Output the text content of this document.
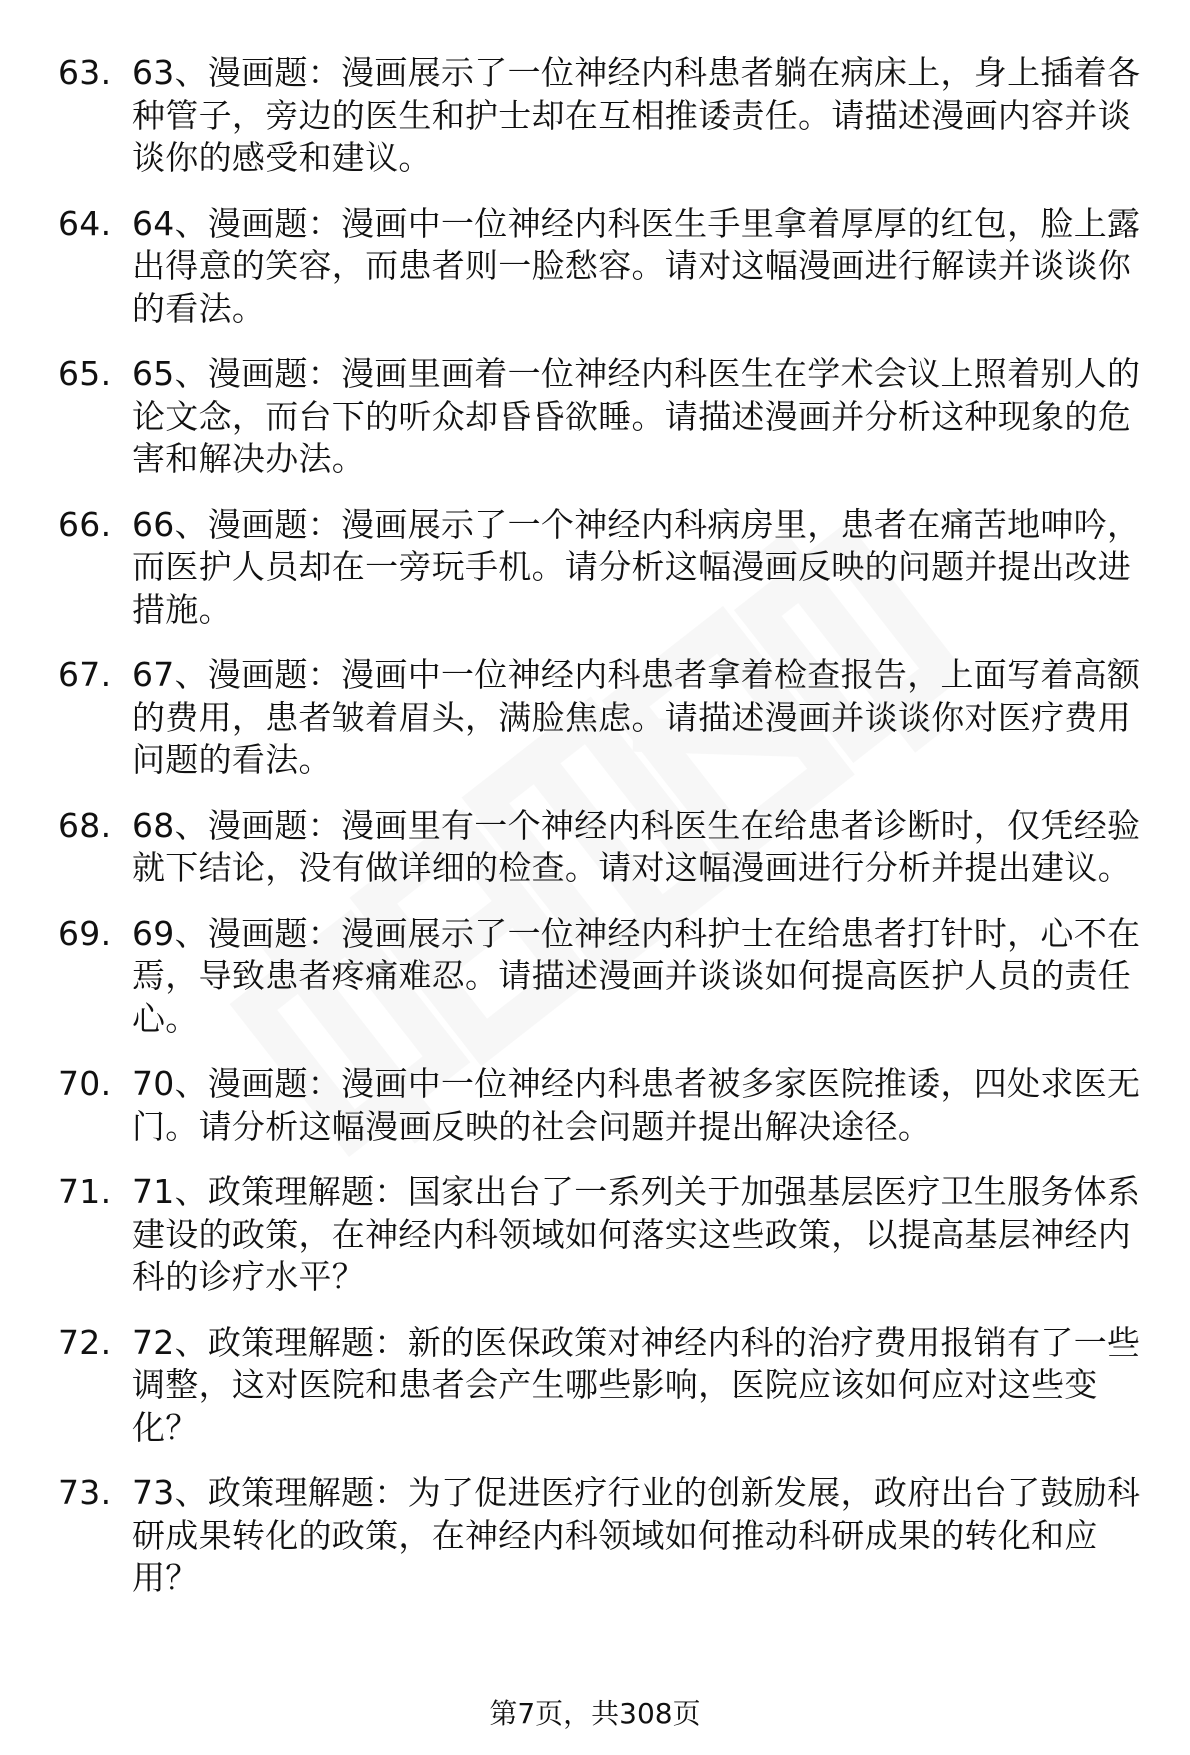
63. 63、漫画题：漫画展示了一位神经内科患者躺在病床上，身上插着各种管子，旁边的医生和护士却在互相推诿责任。请描述漫画内容并谈谈你的感受和建议。
64. 64、漫画题：漫画中一位神经内科医生手里拿着厚厚的红包，脸上露出得意的笑容，而患者则一脸愁容。请对这幅漫画进行解读并谈谈你的看法。
65. 65、漫画题：漫画里画着一位神经内科医生在学术会议上照着别人的论文念，而台下的听众却昏昏欲睡。请描述漫画并分析这种现象的危害和解决办法。
66. 66、漫画题：漫画展示了一个神经内科病房里，患者在痛苦地呻吟，而医护人员却在一旁玩手机。请分析这幅漫画反映的问题并提出改进措施。
67. 67、漫画题：漫画中一位神经内科患者拿着检查报告，上面写着高额的费用，患者皱着眉头，满脸焦虑。请描述漫画并谈谈你对医疗费用问题的看法。
68. 68、漫画题：漫画里有一个神经内科医生在给患者诊断时，仅凭经验就下结论，没有做详细的检查。请对这幅漫画进行分析并提出建议。
69. 69、漫画题：漫画展示了一位神经内科护士在给患者打针时，心不在焉，导致患者疼痛难忍。请描述漫画并谈谈如何提高医护人员的责任心。
70. 70、漫画题：漫画中一位神经内科患者被多家医院推诿，四处求医无门。请分析这幅漫画反映的社会问题并提出解决途径。
71. 71、政策理解题：国家出台了一系列关于加强基层医疗卫生服务体系建设的政策，在神经内科领域如何落实这些政策，以提高基层神经内科的诊疗水平？
72. 72、政策理解题：新的医保政策对神经内科的治疗费用报销有了一些调整，这对医院和患者会产生哪些影响，医院应该如何应对这些变化？
73. 73、政策理解题：为了促进医疗行业的创新发展，政府出台了鼓励科研成果转化的政策，在神经内科领域如何推动科研成果的转化和应用？
第7页，共308页
